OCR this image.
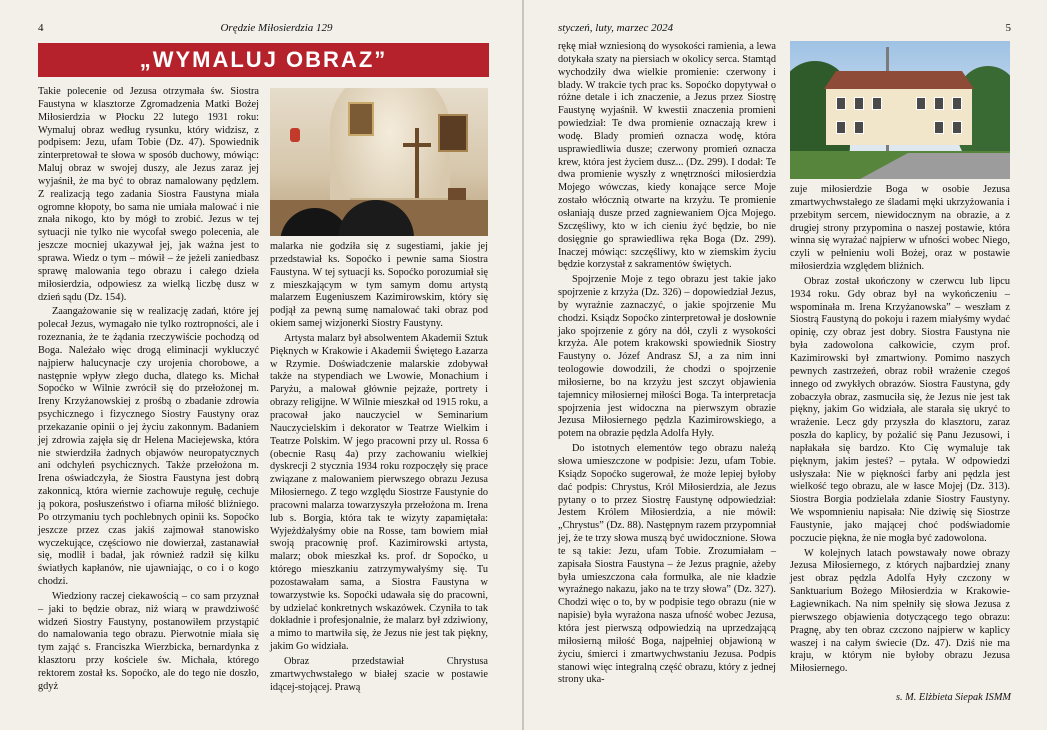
4	Orędzie Miłosierdzia 129
„WYMALUJ OBRAZ”

Takie polecenie od Jezusa otrzymała św. Siostra Faustyna w klasztorze Zgromadzenia Matki Bożej Miłosierdzia w Płocku 22 lutego 1931 roku: Wymaluj obraz według rysunku, który widzisz, z podpisem: Jezu, ufam Tobie (Dz. 47). Spowiednik zinterpretował te słowa w sposób duchowy, mówiąc: Maluj obraz w swojej duszy, ale Jezus zaraz jej wyjaśnił, że ma być to obraz namalowany pędzlem. Z realizacją tego zadania Siostra Faustyna miała ogromne kłopoty, bo sama nie umiała malować i nie znała nikogo, kto by mógł to zrobić. Jezus w tej sytuacji nie tylko nie wycofał swego polecenia, ale jeszcze mocniej ukazywał jej, jak ważna jest to sprawa. Wiedz o tym – mówił – że jeżeli zaniedbasz sprawę malowania tego obrazu i całego dzieła miłosierdzia, odpowiesz za wielką liczbę dusz w dzień sądu (Dz. 154).

Zaangażowanie się w realizację zadań, które jej polecał Jezus, wymagało nie tylko roztropności, ale i rozeznania, że te żądania rzeczywiście pochodzą od Boga. Należało więc drogą eliminacji wykluczyć najpierw halucynacje czy urojenia chorobowe, a następnie wpływ złego ducha, dlatego ks. Michał Sopoćko w Wilnie zwrócił się do przełożonej m. Ireny Krzyżanowskiej z prośbą o zbadanie zdrowia psychicznego i fizycznego Siostry Faustyny oraz przekazanie opinii o jej życiu zakonnym. Badaniem jej zdrowia zajęła się dr Helena Maciejewska, która nie stwierdziła żadnych objawów neuropatycznych ani odchyleń psychicznych. Także przełożona m. Irena oświadczyła, że Siostra Faustyna jest dobrą zakonnicą, która wiernie zachowuje regułę, cechuje ją pokora, posłuszeństwo i ofiarna miłość bliźniego. Po otrzymaniu tych pochlebnych opinii ks. Sopoćko jeszcze przez czas jakiś zajmował stanowisko wyczekujące, częściowo nie dowierzał, zastanawiał się, modlił i badał, jak również radził się kilku światłych kapłanów, nie ujawniając, o co i o kogo chodzi.

Wiedziony raczej ciekawością – co sam przyznał – jaki to będzie obraz, niż wiarą w prawdziwość widzeń Siostry Faustyny, postanowiłem przystąpić do namalowania tego obrazu. Pierwotnie miała się tym zająć s. Franciszka Wierzbicka, bernardynka z klasztoru przy kościele św. Michała, którego rektorem został ks. Sopoćko, ale do tego nie doszło, gdyż

malarka nie godziła się z sugestiami, jakie jej przedstawiał ks. Sopoćko i pewnie sama Siostra Faustyna. W tej sytuacji ks. Sopoćko porozumiał się z mieszkającym w tym samym domu artystą malarzem Eugeniuszem Kazimirowskim, który się podjął za pewną sumę namalować taki obraz pod okiem samej wizjonerki Siostry Faustyny.

Artysta malarz był absolwentem Akademii Sztuk Pięknych w Krakowie i Akademii Świętego Łazarza w Rzymie. Doświadczenie malarskie zdobywał także na stypendiach we Lwowie, Monachium i Paryżu, a malował głównie pejzaże, portrety i obrazy religijne. W Wilnie mieszkał od 1915 roku, a pracował jako nauczyciel w Seminarium Nauczycielskim i dekorator w Teatrze Wielkim i Teatrze Polskim. W jego pracowni przy ul. Rossa 6 (obecnie Rasų 4a) przy zachowaniu wielkiej dyskrecji 2 stycznia 1934 roku rozpoczęły się prace związane z malowaniem pierwszego obrazu Jezusa Miłosiernego. Z tego względu Siostrze Faustynie do pracowni malarza towarzyszyła przełożona m. Irena lub s. Borgia, która tak te wizyty zapamiętała: Wyjeżdżałyśmy obie na Rosse, tam bowiem miał swoją pracownię prof. Kazimirowski artysta, malarz; obok mieszkał ks. prof. dr Sopoćko, u którego mieszkaniu zatrzymywałyśmy się. Tu pozostawałam sama, a Siostra Faustyna w towarzystwie ks. Sopoćki udawała się do pracowni, by udzielać konkretnych wskazówek. Czyniła to tak dokładnie i profesjonalnie, że malarz był zdziwiony, a mimo to martwiła się, że Jezus nie jest tak piękny, jakim Go widziała.

Obraz przedstawiał Chrystusa zmartwychwstałego w białej szacie w postawie idącej-stojącej. Prawą

styczeń, luty, marzec 2024	5

rękę miał wzniesioną do wysokości ramienia, a lewa dotykała szaty na piersiach w okolicy serca. Stamtąd wychodziły dwa wielkie promienie: czerwony i blady. W trakcie tych prac ks. Sopoćko dopytywał o różne detale i ich znaczenie, a Jezus przez Siostrę Faustynę wyjaśnił. W kwestii znaczenia promieni powiedział: Te dwa promienie oznaczają krew i wodę. Blady promień oznacza wodę, która usprawiedliwia dusze; czerwony promień oznacza krew, która jest życiem dusz... (Dz. 299). I dodał: Te dwa promienie wyszły z wnętrzności miłosierdzia Mojego wówczas, kiedy konające serce Moje zostało włócznią otwarte na krzyżu. Te promienie osłaniają dusze przed zagniewaniem Ojca Mojego. Szczęśliwy, kto w ich cieniu żyć będzie, bo nie dosięgnie go sprawiedliwa ręka Boga (Dz. 299). Inaczej mówiąc: szczęśliwy, kto w ziemskim życiu będzie korzystał z sakramentów świętych.

Spojrzenie Moje z tego obrazu jest takie jako spojrzenie z krzyża (Dz. 326) – dopowiedział Jezus, by wyraźnie zaznaczyć, o jakie spojrzenie Mu chodzi. Ksiądz Sopoćko zinterpretował je dosłownie jako spojrzenie z góry na dół, czyli z wysokości krzyża. Ale potem krakowski spowiednik Siostry Faustyny o. Józef Andrasz SJ, a za nim inni teologowie dowodzili, że chodzi o spojrzenie miłosierne, bo na krzyżu jest szczyt objawienia tajemnicy miłosiernej miłości Boga. Ta interpretacja spojrzenia jest widoczna na pierwszym obrazie Jezusa Miłosiernego pędzla Kazimirowskiego, a potem na obrazie pędzla Adolfa Hyły.

Do istotnych elementów tego obrazu należą słowa umieszczone w podpisie: Jezu, ufam Tobie. Ksiądz Sopoćko sugerował, że może lepiej byłoby dać podpis: Chrystus, Król Miłosierdzia, ale Jezus pytany o to przez Siostrę Faustynę odpowiedział: Jestem Królem Miłosierdzia, a nie mówił: „Chrystus” (Dz. 88). Następnym razem przypomniał jej, że te trzy słowa muszą być uwidocznione. Słowa te są takie: Jezu, ufam Tobie. Zrozumiałam – zapisała Siostra Faustyna – że Jezus pragnie, ażeby była umieszczona cała formułka, ale nie kładzie wyraźnego nakazu, jako na te trzy słowa” (Dz. 327). Chodzi więc o to, by w podpisie tego obrazu (nie w napisie) była wyrażona nasza ufność wobec Jezusa, która jest pierwszą odpowiedzią na uprzedzającą miłosierną miłość Boga, najpełniej objawioną w życiu, śmierci i zmartwychwstaniu Jezusa. Podpis stanowi więc integralną część obrazu, który z jednej strony uka-

zuje miłosierdzie Boga w osobie Jezusa zmartwychwstałego ze śladami męki ukrzyżowania i przebitym sercem, niewidocznym na obrazie, a z drugiej strony przypomina o naszej postawie, która winna się wyrażać najpierw w ufności wobec Niego, czyli w pełnieniu woli Bożej, oraz w postawie miłosierdzia względem bliźnich.

Obraz został ukończony w czerwcu lub lipcu 1934 roku. Gdy obraz był na wykończeniu – wspominała m. Irena Krzyżanowska” – weszłam z Siostrą Faustyną do pokoju i razem miałyśmy wydać opinię, czy obraz jest dobry. Siostra Faustyna nie była zadowolona całkowicie, czym prof. Kazimirowski był zmartwiony. Pomimo naszych pewnych zastrzeżeń, obraz robił wrażenie czegoś innego od zwykłych obrazów. Siostra Faustyna, gdy zobaczyła obraz, zasmuciła się, że Jezus nie jest tak piękny, jakim Go widziała, ale starała się ukryć to wrażenie. Lecz gdy przyszła do klasztoru, zaraz poszła do kaplicy, by pożalić się Panu Jezusowi, i napłakała się bardzo. Kto Cię wymaluje tak pięknym, jakim jesteś? – pytała. W odpowiedzi usłyszała: Nie w piękności farby ani pędzla jest wielkość tego obrazu, ale w łasce Mojej (Dz. 313). Siostra Borgia podzielała zdanie Siostry Faustyny. We wspomnieniu napisała: Nie dziwię się Siostrze Faustynie, jako mającej choć podświadomie poczucie piękna, że nie mogła być zadowolona.

W kolejnych latach powstawały nowe obrazy Jezusa Miłosiernego, z których najbardziej znany jest obraz pędzla Adolfa Hyły czczony w Sanktuarium Bożego Miłosierdzia w Krakowie-Łagiewnikach. Na nim spełniły się słowa Jezusa z pierwszego objawienia dotyczącego tego obrazu: Pragnę, aby ten obraz czczono najpierw w kaplicy waszej i na całym świecie (Dz. 47). Dziś nie ma kraju, w którym nie byłoby obrazu Jezusa Miłosiernego.

s. M. Elżbieta Siepak ISMM
